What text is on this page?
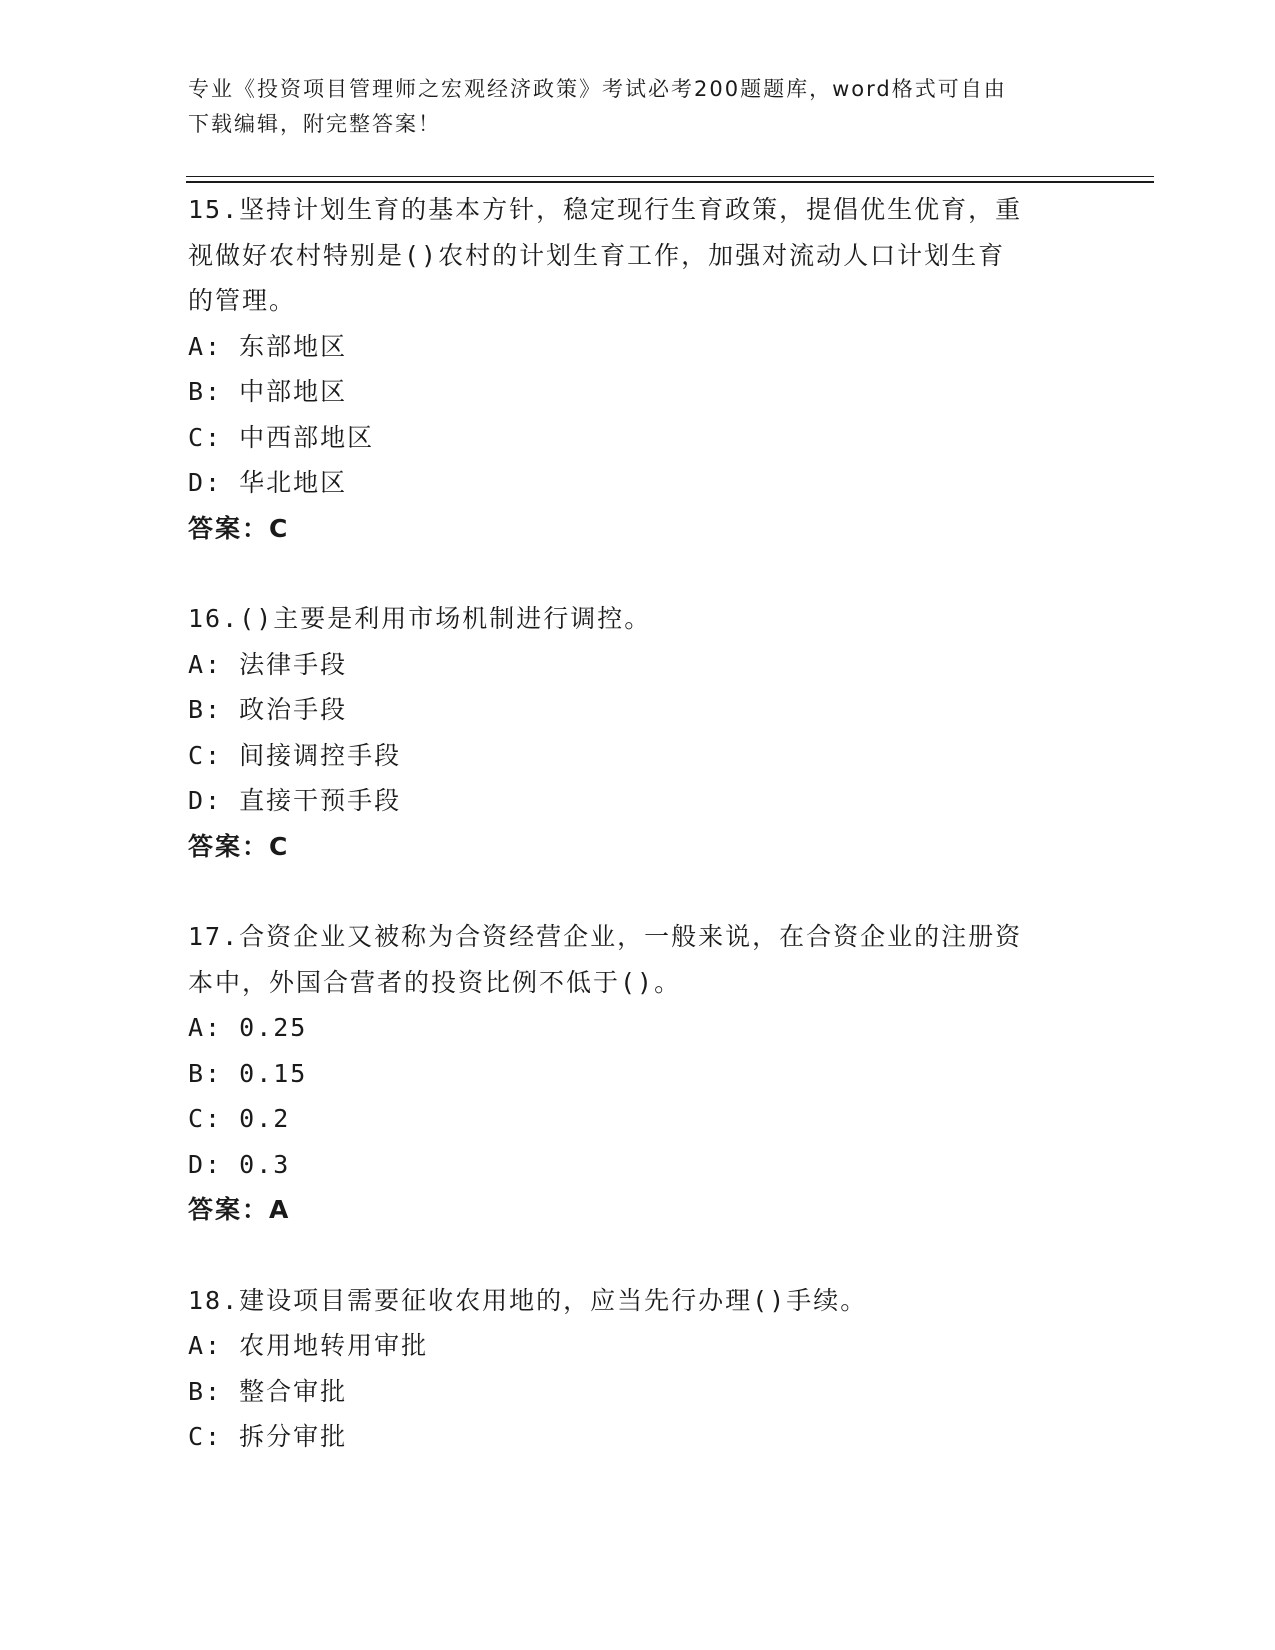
专业《投资项目管理师之宏观经济政策》考试必考200题题库，word格式可自由
下载编辑，附完整答案！
15.坚持计划生育的基本方针，稳定现行生育政策，提倡优生优育，重
视做好农村特别是()农村的计划生育工作，加强对流动人口计划生育
的管理。
A: 东部地区
B: 中部地区
C: 中西部地区
D: 华北地区
答案：C
16.()主要是利用市场机制进行调控。
A: 法律手段
B: 政治手段
C: 间接调控手段
D: 直接干预手段
答案：C
17.合资企业又被称为合资经营企业，一般来说，在合资企业的注册资
本中，外国合营者的投资比例不低于()。
A: 0.25
B: 0.15
C: 0.2
D: 0.3
答案：A
18.建设项目需要征收农用地的，应当先行办理()手续。
A: 农用地转用审批
B: 整合审批
C: 拆分审批
